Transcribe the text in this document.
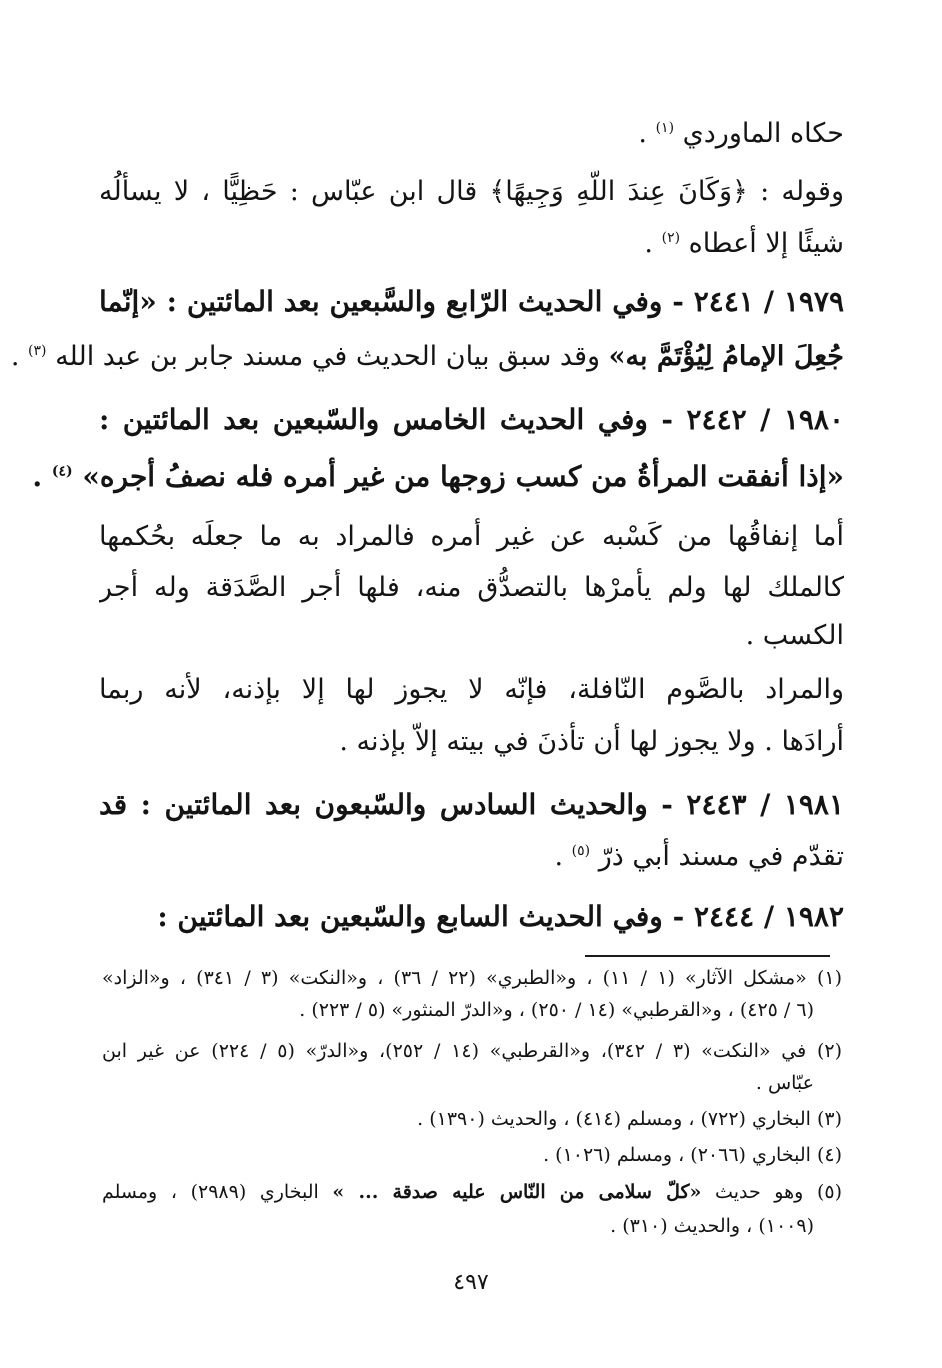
حكاه الماوردي $^{(١)}$ .
وقوله : ﴿وَكَانَ عِندَ اللَّهِ وَجِيهًا﴾ قال ابن عبّاس : حَظِيًّا ، لا يسألُه
شيئًا إلا أعطاه $^{(٢)}$ .
١٩٧٩ / ٢٤٤١ - وفي الحديث الرّابع والسَّبعين بعد المائتين : «إنّما
جُعِلَ الإمامُ لِيُؤْتَمَّ به» وقد سبق بيان الحديث في مسند جابر بن عبد الله $^{(٣)}$ .
١٩٨٠ / ٢٤٤٢ - وفي الحديث الخامس والسّبعين بعد المائتين :
«إذا أنفقت المرأةُ من كسب زوجها من غير أمره فله نصفُ أجره» $^{(٤)}$ .
أما إنفاقُها من كَسْبه عن غير أمره فالمراد به ما جعلَه بحُكمها
كالملك لها ولم يأمرْها بالتصدُّق منه، فلها أجر الصَّدَقة وله أجر
الكسب .
والمراد بالصَّوم النّافلة، فإنّه لا يجوز لها إلا بإذنه، لأنه ربما
أرادَها . ولا يجوز لها أن تأذنَ في بيته إلاّ بإذنه .
١٩٨١ / ٢٤٤٣ - والحديث السادس والسّبعون بعد المائتين : قد
تقدّم في مسند أبي ذرّ $^{(٥)}$ .
١٩٨٢ / ٢٤٤٤ - وفي الحديث السابع والسّبعين بعد المائتين :
(١) «مشكل الآثار» (١ / ١١) ، و«الطبري» (٢٢ / ٣٦) ، و«النكت» (٣ / ٣٤١) ، و«الزاد»
(٦ / ٤٢٥) ، و«القرطبي» (١٤ / ٢٥٠) ، و«الدرّ المنثور» (٥ / ٢٢٣) .
(٢) في «النكت» (٣ / ٣٤٢)، و«القرطبي» (١٤ / ٢٥٢)، و«الدرّ» (٥ / ٢٢٤) عن غير ابن
عبّاس .
(٣) البخاري (٧٢٢) ، ومسلم (٤١٤) ، والحديث (١٣٩٠) .
(٤) البخاري (٢٠٦٦) ، ومسلم (١٠٢٦) .
(٥) وهو حديث «كلّ سلامى من النّاس عليه صدقة ... » البخاري (٢٩٨٩) ، ومسلم
(١٠٠٩) ، والحديث (٣١٠) .
٤٩٧
